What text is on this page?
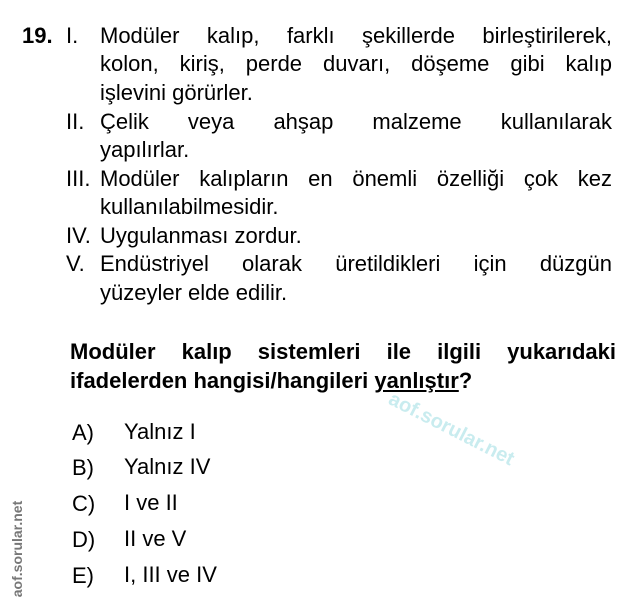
19. I. Modüler kalıp, farklı şekillerde birleştirilerek,
kolon, kiriş, perde duvarı, döşeme gibi kalıp
işlevini görürler.
II. Çelik veya ahşap malzeme kullanılarak
yapılırlar.
III. Modüler kalıpların en önemli özelliği çok kez
kullanılabilmesidir.
IV. Uygulanması zordur.
V. Endüstriyel olarak üretildikleri için düzgün
yüzeyler elde edilir.
Modüler kalıp sistemleri ile ilgili yukarıdaki
ifadelerden hangisi/hangileri yanlıştır?
A) Yalnız I
B) Yalnız IV
C) I ve II
D) II ve V
E) I, III ve IV
aof.sorular.net
aof.sorular.net
